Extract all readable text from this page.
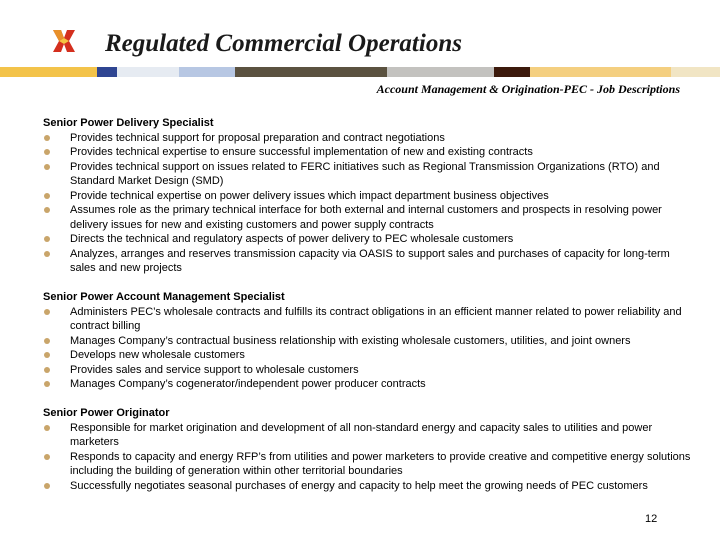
Regulated Commercial Operations
Account Management & Origination-PEC - Job Descriptions
Senior Power Delivery Specialist
Provides technical support for proposal preparation and contract negotiations
Provides technical expertise to ensure successful implementation of new and existing contracts
Provides technical support on issues related to FERC initiatives such as Regional Transmission Organizations (RTO) and Standard Market Design (SMD)
Provide technical expertise on power delivery issues which impact department business objectives
Assumes role as the primary technical interface for both external and internal customers and prospects in resolving power delivery issues for new and existing customers and power supply contracts
Directs the technical and regulatory aspects of power delivery to PEC wholesale customers
Analyzes, arranges and reserves transmission capacity via OASIS to support sales and purchases of capacity for long-term sales and new projects
Senior Power Account Management Specialist
Administers PEC’s wholesale contracts and fulfills its contract obligations in an efficient manner related to power reliability and contract billing
Manages Company’s contractual business relationship with existing wholesale customers, utilities, and joint owners
Develops new wholesale customers
Provides sales and service support to wholesale customers
Manages Company’s cogenerator/independent power producer contracts
Senior Power Originator
Responsible for market origination and development of all non-standard energy and capacity sales to utilities and power marketers
Responds to capacity and energy RFP’s from utilities and power marketers to provide creative and competitive energy solutions including the building of generation within other territorial boundaries
Successfully negotiates seasonal purchases of energy and capacity to help meet the growing needs of PEC customers
12
